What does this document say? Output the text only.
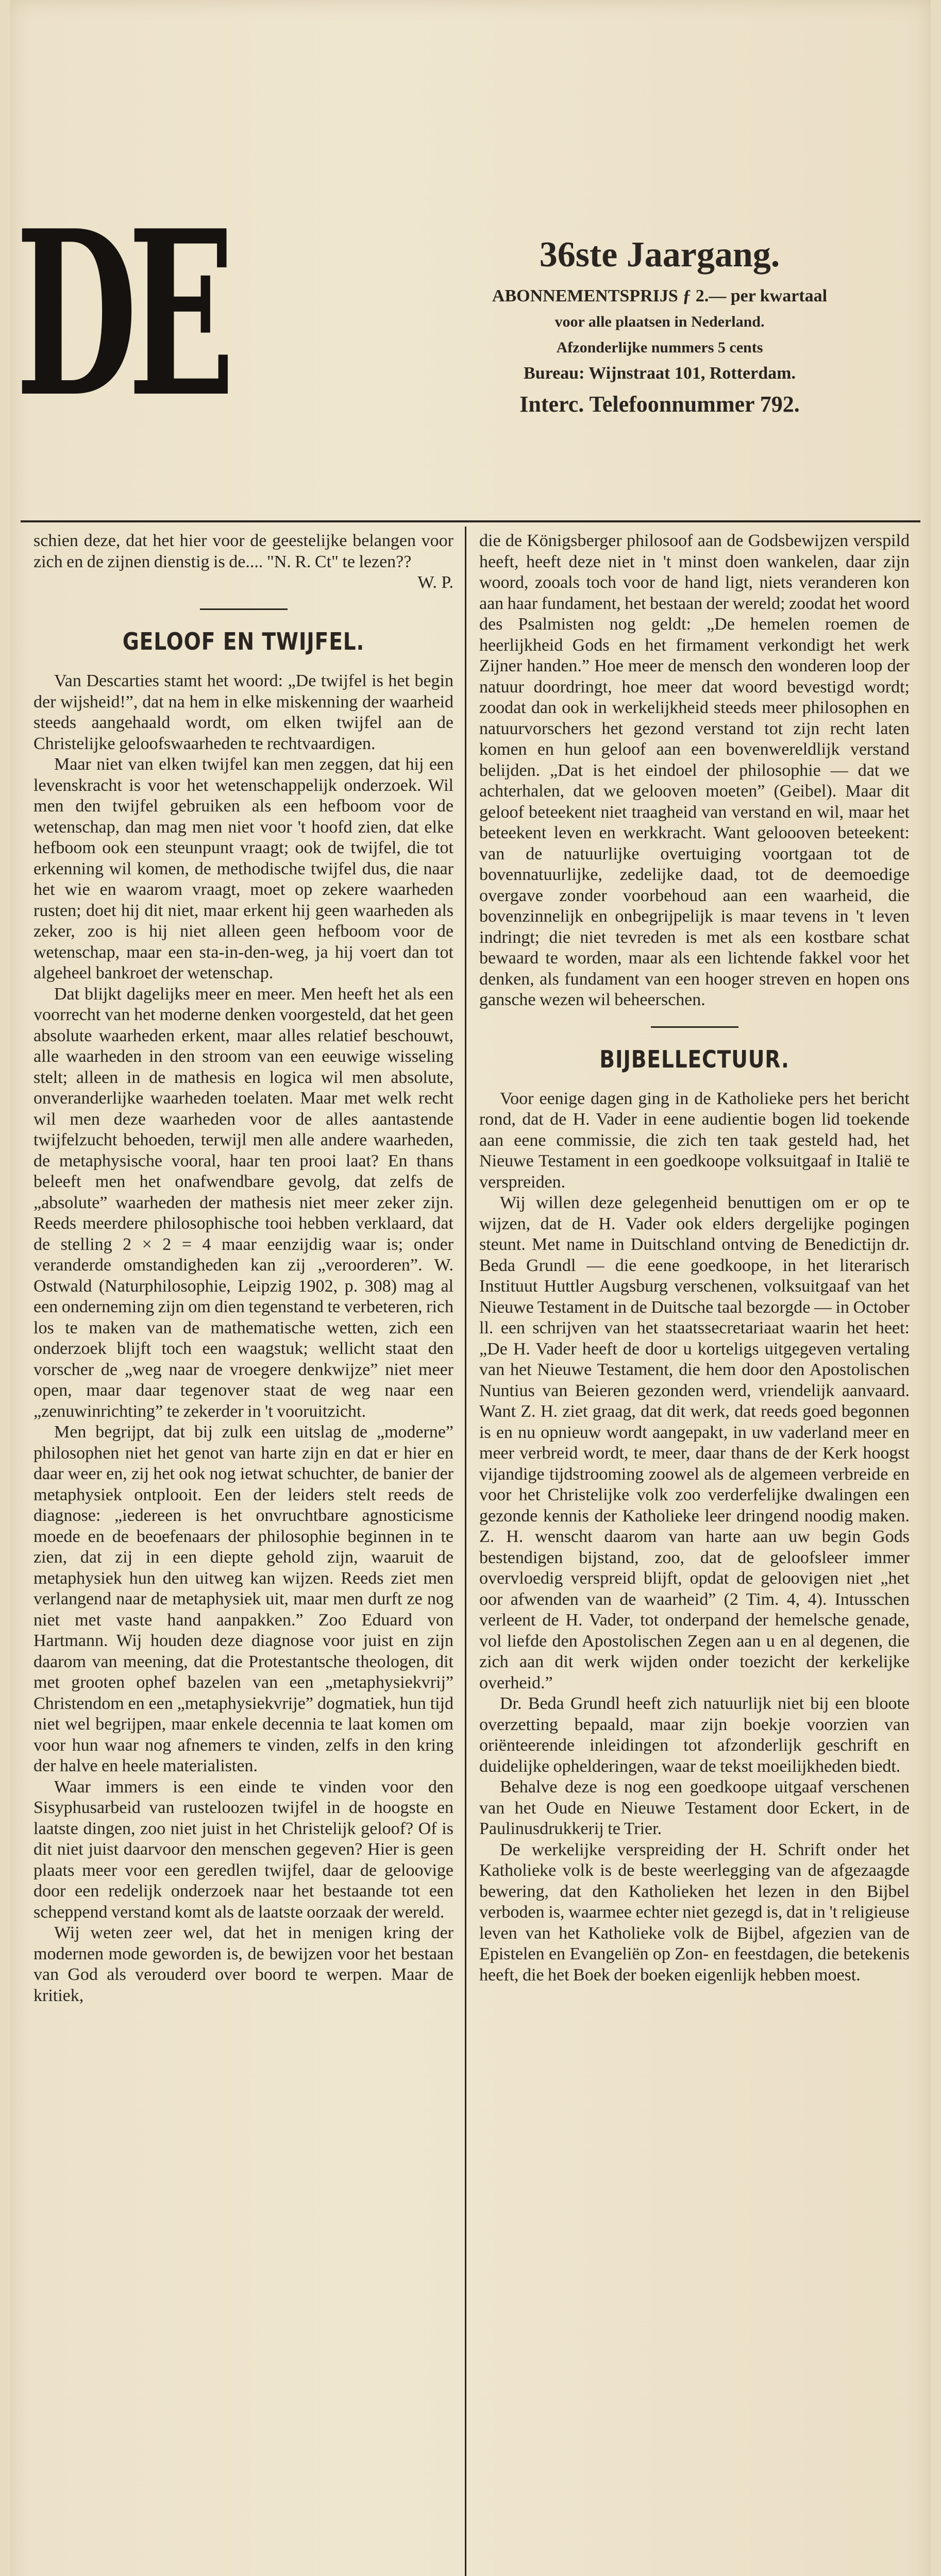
DE	36ste Jaargang.
ABONNEMENTSPRIJS ƒ 2.— per kwartaal
voor alle plaatsen in Nederland.
Afzonderlijke nummers 5 cents
Bureau: Wijnstraat 101, Rotterdam.
Interc. Telefoonnummer 792.

schien deze, dat het hier voor de geestelijke belangen voor zich en de zijnen dienstig is de.... "N. R. Ct" te lezen??

W. P.

GELOOF EN TWIJFEL.

Van Descarties stamt het woord: „De twijfel is het begin der wijsheid!”, dat na hem in elke miskenning der waarheid steeds aangehaald wordt, om elken twijfel aan de Christelijke geloofswaarheden te rechtvaardigen.

Maar niet van elken twijfel kan men zeggen, dat hij een levenskracht is voor het wetenschappelijk onderzoek. Wil men den twijfel gebruiken als een hefboom voor de wetenschap, dan mag men niet voor 't hoofd zien, dat elke hefboom ook een steunpunt vraagt; ook de twijfel, die tot erkenning wil komen, de methodische twijfel dus, die naar het wie en waarom vraagt, moet op zekere waarheden rusten; doet hij dit niet, maar erkent hij geen waarheden als zeker, zoo is hij niet alleen geen hefboom voor de wetenschap, maar een sta-in-den-weg, ja hij voert dan tot algeheel bankroet der wetenschap.

Dat blijkt dagelijks meer en meer. Men heeft het als een voorrecht van het moderne denken voorgesteld, dat het geen absolute waarheden erkent, maar alles relatief beschouwt, alle waarheden in den stroom van een eeuwige wisseling stelt; alleen in de mathesis en logica wil men absolute, onveranderlijke waarheden toelaten. Maar met welk recht wil men deze waarheden voor de alles aantastende twijfelzucht behoeden, terwijl men alle andere waarheden, de metaphysische vooral, haar ten prooi laat? En thans beleeft men het onafwendbare gevolg, dat zelfs de „absolute” waarheden der mathesis niet meer zeker zijn. Reeds meerdere philosophische tooi hebben verklaard, dat de stelling 2 × 2 = 4 maar eenzijdig waar is; onder veranderde omstandigheden kan zij „veroorderen”. W. Ostwald (Naturphilosophie, Leipzig 1902, p. 308) mag al een onderneming zijn om dien tegenstand te verbeteren, rich los te maken van de mathematische wetten, zich een onderzoek blijft toch een waagstuk; wellicht staat den vorscher de „weg naar de vroegere denkwijze” niet meer open, maar daar tegenover staat de weg naar een „zenuwinrichting” te zekerder in 't vooruitzicht.

Men begrijpt, dat bij zulk een uitslag de „moderne” philosophen niet het genot van harte zijn en dat er hier en daar weer en, zij het ook nog ietwat schuchter, de banier der metaphysiek ontplooit. Een der leiders stelt reeds de diagnose: „iedereen is het onvruchtbare agnosticisme moede en de beoefenaars der philosophie beginnen in te zien, dat zij in een diepte gehold zijn, waaruit de metaphysiek hun den uitweg kan wijzen. Reeds ziet men verlangend naar de metaphysiek uit, maar men durft ze nog niet met vaste hand aanpakken.” Zoo Eduard von Hartmann. Wij houden deze diagnose voor juist en zijn daarom van meening, dat die Protestantsche theologen, dit met grooten ophef bazelen van een „metaphysiekvrij” Christendom en een „metaphysiekvrije” dogmatiek, hun tijd niet wel begrijpen, maar enkele decennia te laat komen om voor hun waar nog afnemers te vinden, zelfs in den kring der halve en heele materialisten.

Waar immers is een einde te vinden voor den Sisyphusarbeid van rusteloozen twijfel in de hoogste en laatste dingen, zoo niet juist in het Christelijk geloof? Of is dit niet juist daarvoor den menschen gegeven? Hier is geen plaats meer voor een geredlen twijfel, daar de geloovige door een redelijk onderzoek naar het bestaande tot een scheppend verstand komt als de laatste oorzaak der wereld.

Wij weten zeer wel, dat het in menigen kring der modernen mode geworden is, de bewijzen voor het bestaan van God als verouderd over boord te werpen. Maar de kritiek,

die de Königsberger philosoof aan de Godsbewijzen verspild heeft, heeft deze niet in 't minst doen wankelen, daar zijn woord, zooals toch voor de hand ligt, niets veranderen kon aan haar fundament, het bestaan der wereld; zoodat het woord des Psalmisten nog geldt: „De hemelen roemen de heerlijkheid Gods en het firmament verkondigt het werk Zijner handen.” Hoe meer de mensch den wonderen loop der natuur doordringt, hoe meer dat woord bevestigd wordt; zoodat dan ook in werkelijkheid steeds meer philosophen en natuurvorschers het gezond verstand tot zijn recht laten komen en hun geloof aan een bovenwereldlijk verstand belijden. „Dat is het eindoel der philosophie — dat we achterhalen, dat we gelooven moeten” (Geibel). Maar dit geloof beteekent niet traagheid van verstand en wil, maar het beteekent leven en werkkracht. Want geloooven beteekent: van de natuurlijke overtuiging voortgaan tot de bovennatuurlijke, zedelijke daad, tot de deemoedige overgave zonder voorbehoud aan een waarheid, die bovenzinnelijk en onbegrijpelijk is maar tevens in 't leven indringt; die niet tevreden is met als een kostbare schat bewaard te worden, maar als een lichtende fakkel voor het denken, als fundament van een hooger streven en hopen ons gansche wezen wil beheerschen.

BIJBELLECTUUR.

Voor eenige dagen ging in de Katholieke pers het bericht rond, dat de H. Vader in eene audientie bogen lid toekende aan eene commissie, die zich ten taak gesteld had, het Nieuwe Testament in een goedkoope volksuitgaaf in Italië te verspreiden.

Wij willen deze gelegenheid benuttigen om er op te wijzen, dat de H. Vader ook elders dergelijke pogingen steunt. Met name in Duitschland ontving de Benedictijn dr. Beda Grundl — die eene goedkoope, in het literarisch Instituut Huttler Augsburg verschenen, volksuitgaaf van het Nieuwe Testament in de Duitsche taal bezorgde — in October ll. een schrijven van het staatssecretariaat waarin het heet: „De H. Vader heeft de door u korteligs uitgegeven vertaling van het Nieuwe Testament, die hem door den Apostolischen Nuntius van Beieren gezonden werd, vriendelijk aanvaard. Want Z. H. ziet graag, dat dit werk, dat reeds goed begonnen is en nu opnieuw wordt aangepakt, in uw vaderland meer en meer verbreid wordt, te meer, daar thans de der Kerk hoogst vijandige tijdstrooming zoowel als de algemeen verbreide en voor het Christelijke volk zoo verderfelijke dwalingen een gezonde kennis der Katholieke leer dringend noodig maken. Z. H. wenscht daarom van harte aan uw begin Gods bestendigen bijstand, zoo, dat de geloofsleer immer overvloedig verspreid blijft, opdat de geloovigen niet „het oor afwenden van de waarheid” (2 Tim. 4, 4). Intusschen verleent de H. Vader, tot onderpand der hemelsche genade, vol liefde den Apostolischen Zegen aan u en al degenen, die zich aan dit werk wijden onder toezicht der kerkelijke overheid.”

Dr. Beda Grundl heeft zich natuurlijk niet bij een bloote overzetting bepaald, maar zijn boekje voorzien van oriënteerende inleidingen tot afzonderlijk geschrift en duidelijke ophelderingen, waar de tekst moeilijkheden biedt.

Behalve deze is nog een goedkoope uitgaaf verschenen van het Oude en Nieuwe Testament door Eckert, in de Paulinusdrukkerij te Trier.

De werkelijke verspreiding der H. Schrift onder het Katholieke volk is de beste weerlegging van de afgezaagde bewering, dat den Katholieken het lezen in den Bijbel verboden is, waarmee echter niet gezegd is, dat in 't religieuse leven van het Katholieke volk de Bijbel, afgezien van de Epistelen en Evangeliën op Zon- en feestdagen, die betekenis heeft, die het Boek der boeken eigenlijk hebben moest.
